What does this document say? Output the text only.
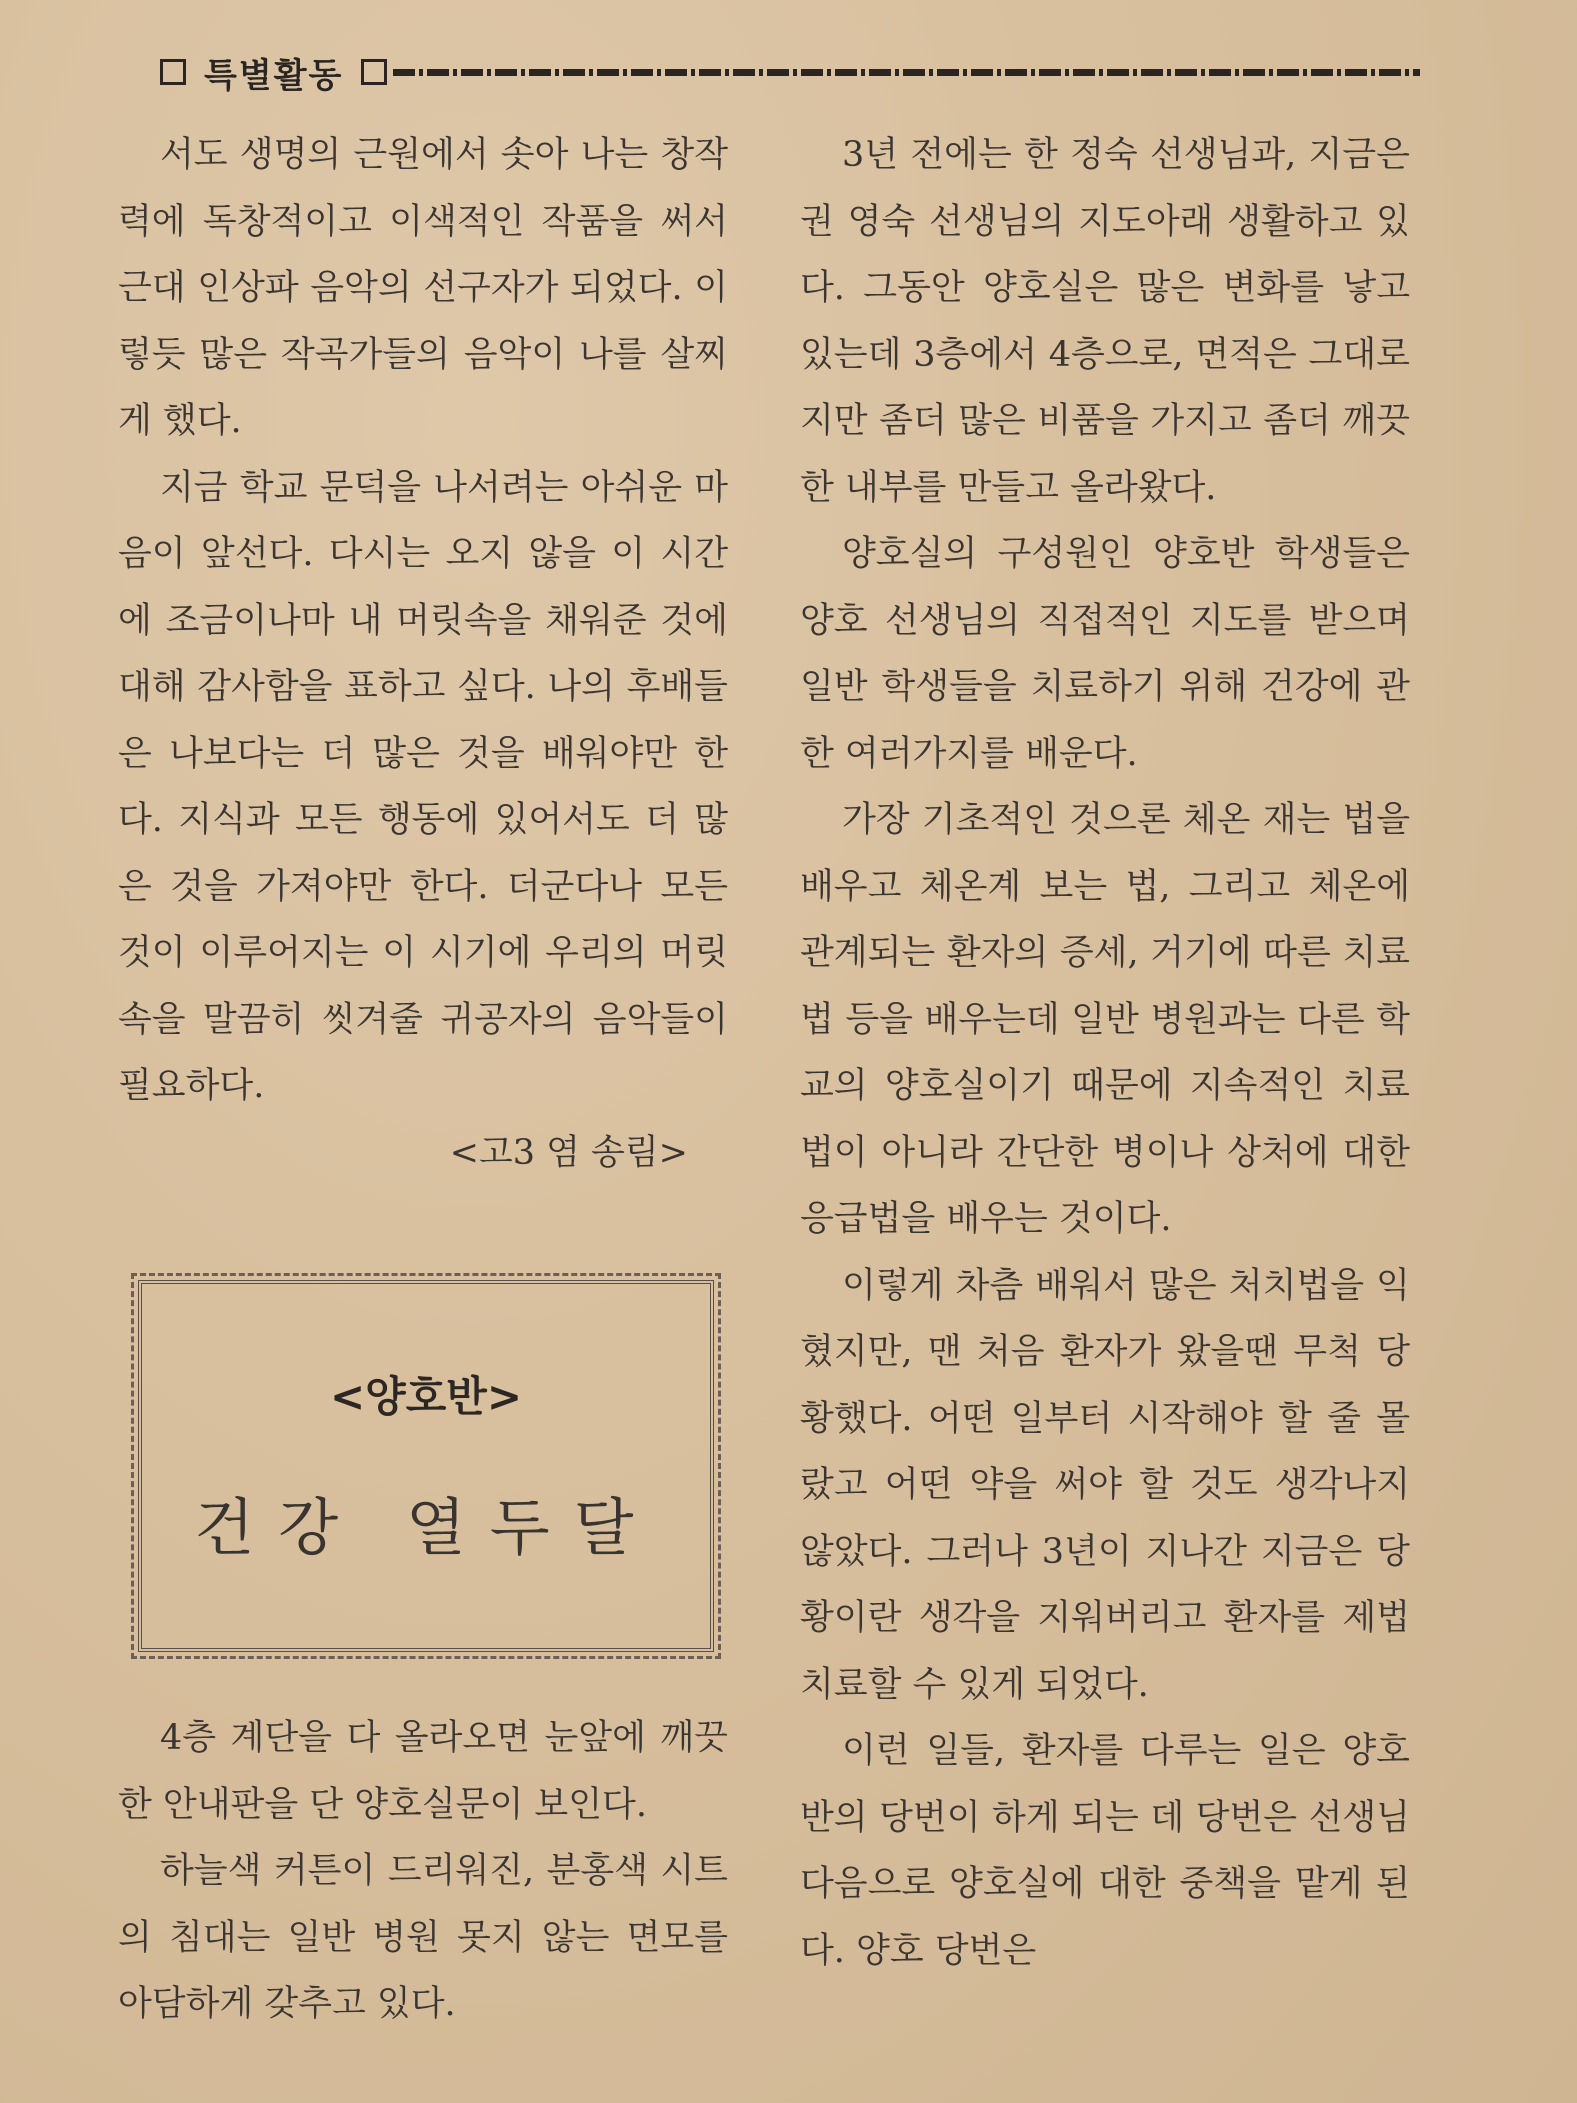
특별활동

서도 생명의 근원에서 솟아 나는 창작력에 독창적이고 이색적인 작품을 써서 근대 인상파 음악의 선구자가 되었다. 이렇듯 많은 작곡가들의 음악이 나를 살찌게 했다.

지금 학교 문덕을 나서려는 아쉬운 마음이 앞선다. 다시는 오지 않을 이 시간에 조금이나마 내 머릿속을 채워준 것에 대해 감사함을 표하고 싶다. 나의 후배들은 나보다는 더 많은 것을 배워야만 한다. 지식과 모든 행동에 있어서도 더 많은 것을 가져야만 한다. 더군다나 모든 것이 이루어지는 이 시기에 우리의 머릿속을 말끔히 씻겨줄 귀공자의 음악들이 필요하다.

<고3 염 송림>
<양호반>
건강 열두달

4층 계단을 다 올라오면 눈앞에 깨끗한 안내판을 단 양호실문이 보인다.

하늘색 커튼이 드리워진, 분홍색 시트의 침대는 일반 병원 못지 않는 면모를 아담하게 갖추고 있다.

3년 전에는 한 정숙 선생님과, 지금은 권 영숙 선생님의 지도아래 생활하고 있다. 그동안 양호실은 많은 변화를 낳고 있는데 3층에서 4층으로, 면적은 그대로지만 좀더 많은 비품을 가지고 좀더 깨끗한 내부를 만들고 올라왔다.

양호실의 구성원인 양호반 학생들은 양호 선생님의 직접적인 지도를 받으며 일반 학생들을 치료하기 위해 건강에 관한 여러가지를 배운다.

가장 기초적인 것으론 체온 재는 법을 배우고 체온계 보는 법, 그리고 체온에 관계되는 환자의 증세, 거기에 따른 치료법 등을 배우는데 일반 병원과는 다른 학교의 양호실이기 때문에 지속적인 치료법이 아니라 간단한 병이나 상처에 대한 응급법을 배우는 것이다.

이렇게 차츰 배워서 많은 처치법을 익혔지만, 맨 처음 환자가 왔을땐 무척 당황했다. 어떤 일부터 시작해야 할 줄 몰랐고 어떤 약을 써야 할 것도 생각나지 않았다. 그러나 3년이 지나간 지금은 당황이란 생각을 지워버리고 환자를 제법 치료할 수 있게 되었다.

이런 일들, 환자를 다루는 일은 양호반의 당번이 하게 되는 데 당번은 선생님 다음으로 양호실에 대한 중책을 맡게 된다. 양호 당번은
